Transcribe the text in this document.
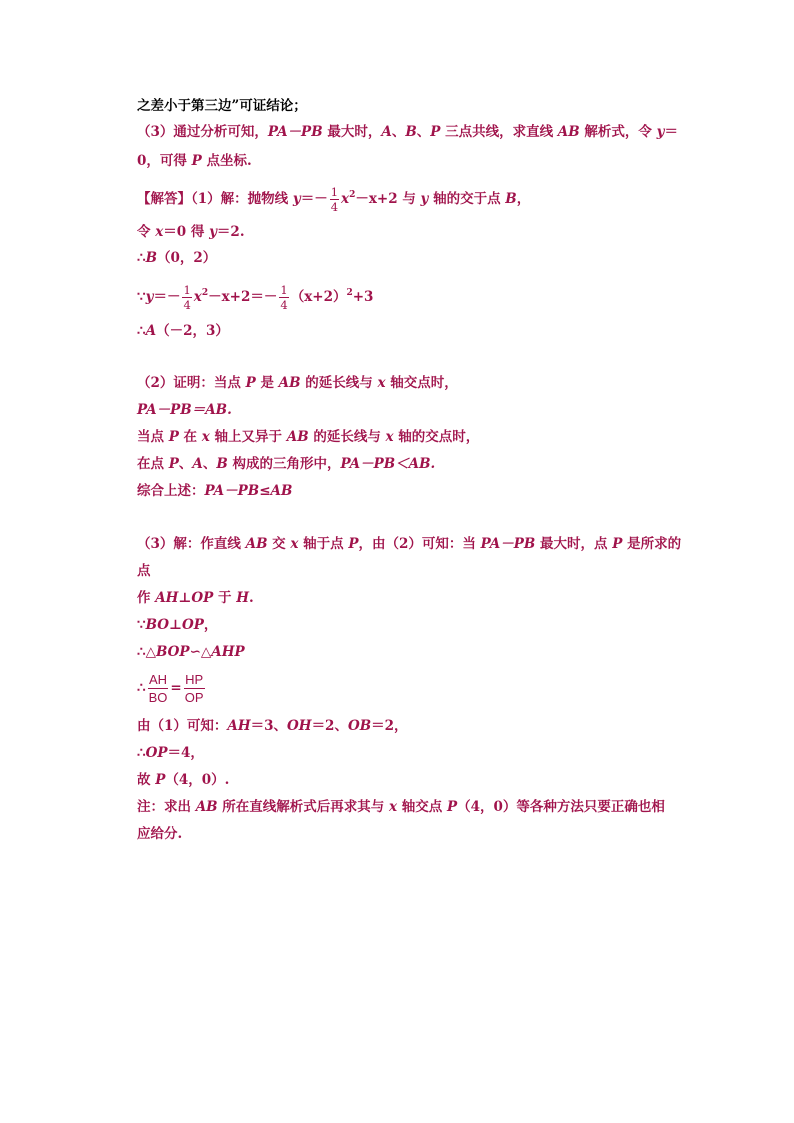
之差小于第三边”可证结论；
（3）通过分析可知，PA－PB 最大时，A、B、P 三点共线，求直线 AB 解析式，令 y＝
0，可得 P 点坐标.
【解答】（1）解：抛物线 $y=- \frac{1}{4} x^2-x+2$ 与 y 轴的交于点 B，
令 x＝0 得 y＝2.
∴B（0，2）
∵y＝－ $\frac{1}{4} x^2-x+2=- \frac{1}{4} (x+2)^2+3$
∴A（－2，3）
（2）证明：当点 P 是 AB 的延长线与 x 轴交点时，
PA－PB＝AB.
当点 P 在 x 轴上又异于 AB 的延长线与 x 轴的交点时，
在点 P、A、B 构成的三角形中，PA－PB＜AB.
综合上述：PA－PB≤AB
（3）解：作直线 AB 交 x 轴于点 P，由（2）可知：当 PA－PB 最大时，点 P 是所求的
点
作 AH⊥OP 于 H.
∵BO⊥OP，
∴△BOP∽△AHP
∴ $\frac{AH}{BO} = \frac{HP}{OP}$
由（1）可知：AH＝3、OH＝2、OB＝2，
∴OP＝4，
故 P（4，0）.
注：求出 AB 所在直线解析式后再求其与 x 轴交点 P（4，0）等各种方法只要正确也相
应给分.
